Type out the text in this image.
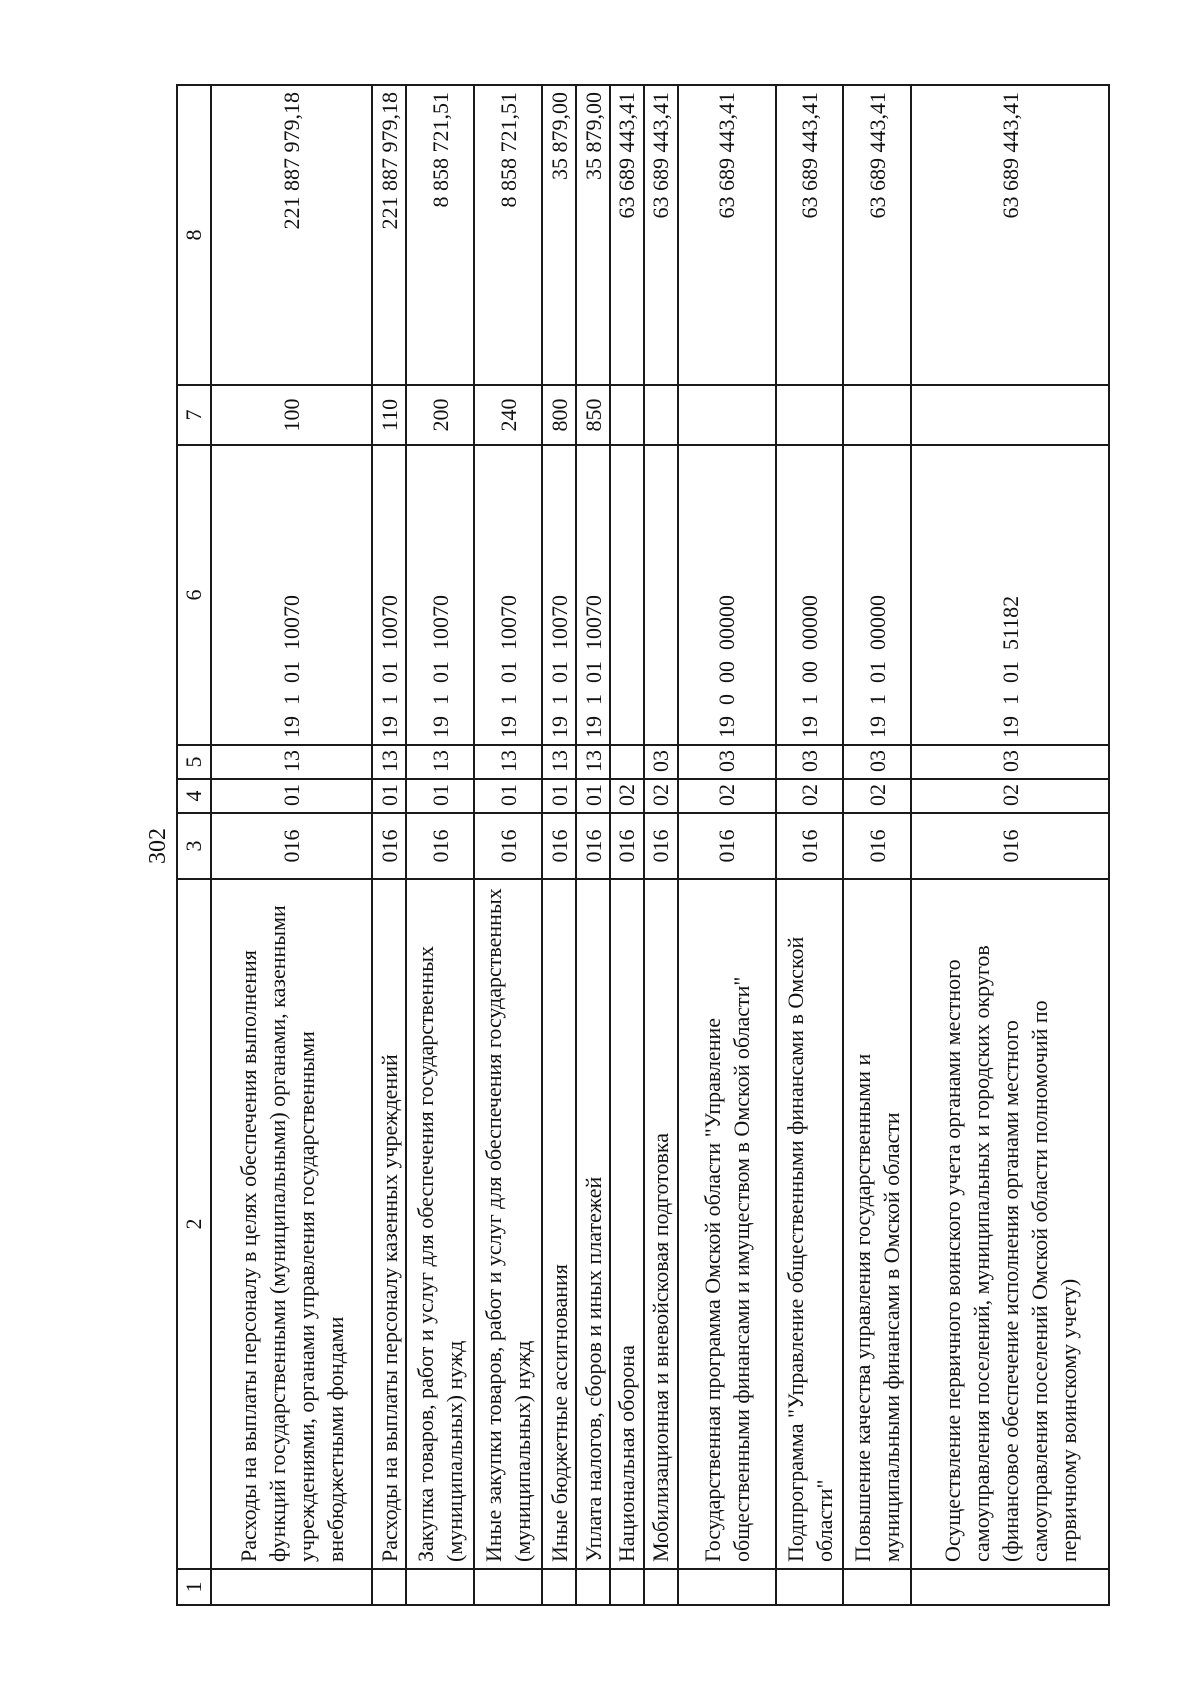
302
1	2	3	4	5	6	7	8
	Расходы на выплаты персоналу в целях обеспечения выполнения функций государственными (муниципальными) органами, казенными учреждениями, органами управления государственными внебюджетными фондами	016	01	13	19  1  01  10070	100	221 887 979,18
	Расходы на выплаты персоналу казенных учреждений	016	01	13	19  1  01  10070	110	221 887 979,18
	Закупка товаров, работ и услуг для обеспечения государственных (муниципальных) нужд	016	01	13	19  1  01  10070	200	8 858 721,51
	Иные закупки товаров, работ и услуг для обеспечения государственных (муниципальных) нужд	016	01	13	19  1  01  10070	240	8 858 721,51
	Иные бюджетные ассигнования	016	01	13	19  1  01  10070	800	35 879,00
	Уплата налогов, сборов и иных платежей	016	01	13	19  1  01  10070	850	35 879,00
	Национальная оборона	016	02				63 689 443,41
	Мобилизационная и вневойсковая подготовка	016	02	03			63 689 443,41
	Государственная программа Омской области "Управление общественными финансами и имуществом в Омской области"	016	02	03	19  0  00  00000		63 689 443,41
	Подпрограмма "Управление общественными финансами в Омской области"	016	02	03	19  1  00  00000		63 689 443,41
	Повышение качества управления государственными и муниципальными финансами в Омской области	016	02	03	19  1  01  00000		63 689 443,41
	Осуществление первичного воинского учета органами местного самоуправления поселений, муниципальных и городских округов (финансовое обеспечение исполнения органами местного самоуправления поселений Омской области полномочий по первичному воинскому учету)	016	02	03	19  1  01  51182		63 689 443,41
